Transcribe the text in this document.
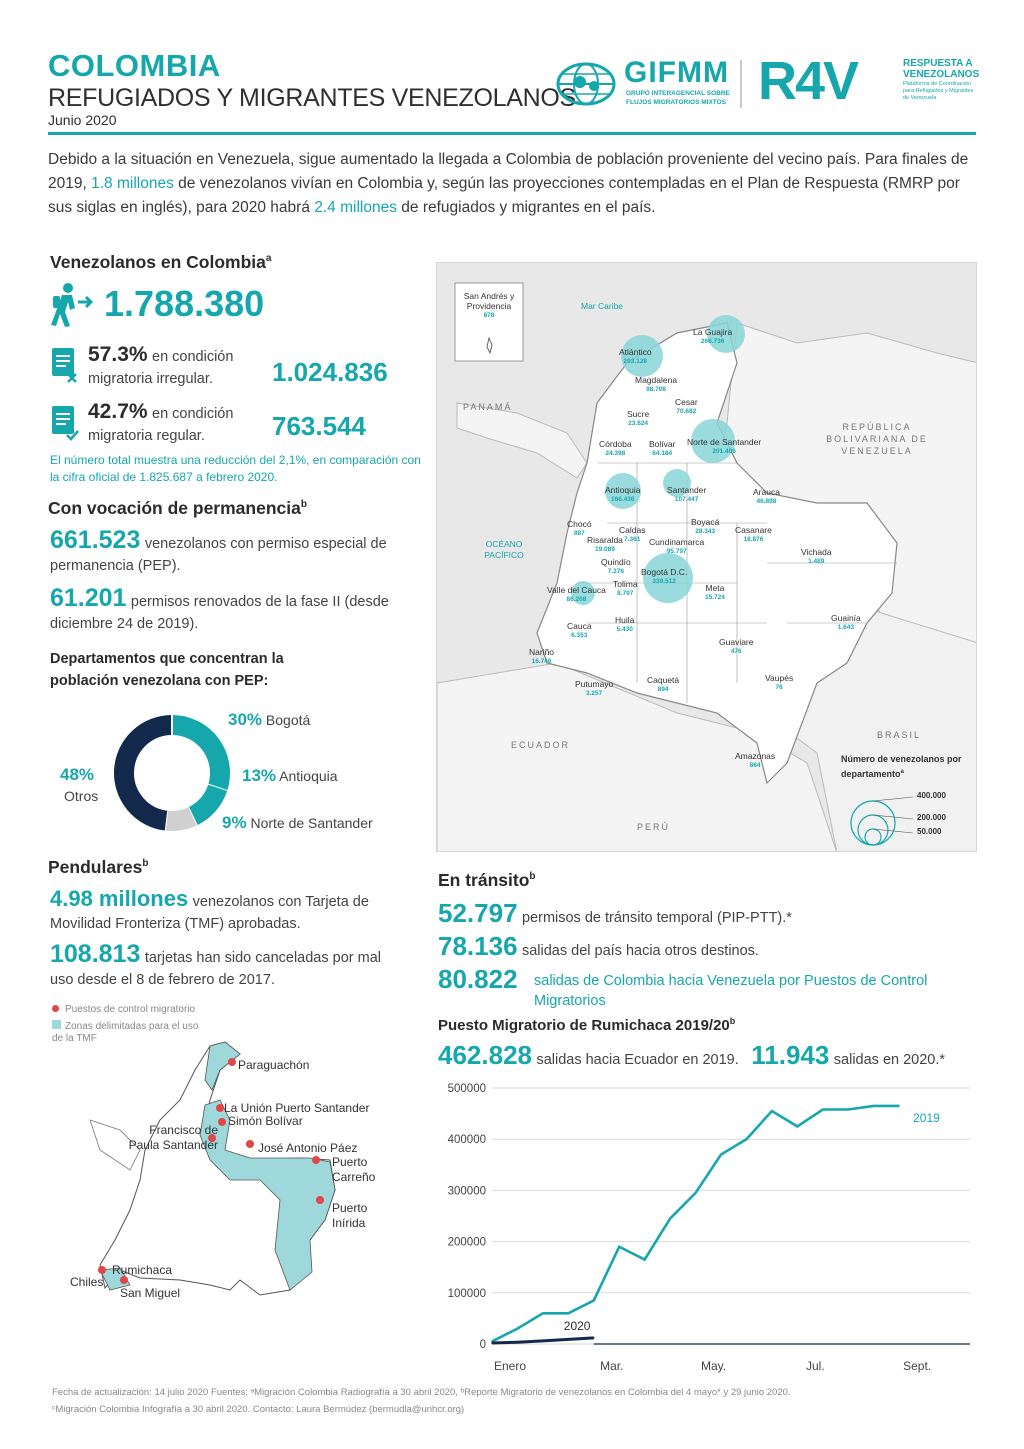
COLOMBIA
REFUGIADOS Y MIGRANTES VENEZOLANOS
Junio 2020
GIFMM
GRUPO INTERAGENCIAL SOBRE
FLUJOS MIGRATORIOS MIXTOS R4V	RESPUESTA A
VENEZOLANOS
Plataforma de Coordinación
para Refugiados y Migrantes
de Venezuela
Debido a la situación en Venezuela, sigue aumentado la llegada a Colombia de población proveniente del vecino país. Para finales de 2019, 1.8 millones de venezolanos vivían en Colombia y, según las proyecciones contempladas en el Plan de Respuesta (RMRP por sus siglas en inglés), para 2020 habrá 2.4 millones de refugiados y migrantes en el país.
Venezolanos en Colombia$^a$
1.788.380
57.3% en condición
migratoria irregular. 1.024.836
42.7% en condición
migratoria regular.	763.544
El número total muestra una reducción del 2,1%, en comparación con la cifra oficial de 1.825.687 a febrero 2020.
Con vocación de permanencia$^b$
661.523 venezolanos con permiso especial de permanencia (PEP).
61.201 permisos renovados de la fase II (desde diciembre 24 de 2019).
Departamentos que concentran la población venezolana con PEP:
30% Bogotá
13% Antioquia
9% Norte de Santander
48%
Otros
San Andrés y Providencia
678
REPÚBLICA BOLIVARIANA DE VENEZUELA
PANAMÁ
ECUADOR
PERÚ
BRASIL
OCÉANO PACÍFICO
Mar Caribe
La Guajira
266.736
Atlántico
203.128
Magdalena
98.708
Cesar
70.682
Sucre
23.624
Córdoba
24.398
Bolívar
64.184
Norte de Santander
201.406
Antioquia
166.436
Santander
107.447
Arauca
46.898
Chocó
887
Boyacá
28.343	Casanare
18.876
Caldas
7.361
Risaralda
19.089
Cundinamarca
95.797	Vichada
1.489
Quindío
7.376	Bogotá D.C.
339.512
Tolima
8.797
Valle del Cauca
86.208
Meta
15.724
Huila
5.430
Cauca
6.353
Guainía
1.643
Nariño
16.746
Guaviare
476
Putumayo
3.257
Caquetá
894
Vaupés
76
Amazonas
864
Número de venezolanos por departamento$^a$
400.000
200.000
50.000
Pendulares$^b$
4.98 millones venezolanos con Tarjeta de Movilidad Fronteriza (TMF) aprobadas.
108.813 tarjetas han sido canceladas por mal uso desde el 8 de febrero de 2017.
Puestos de control migratorio
Zonas delimitadas para el uso de la TMF
Paraguachón
La Unión Puerto Santander
Simón Bolívar
Francisco de Paula Santander	José Antonio Páez
Puerto Carreño
Puerto Inírida
Rumichaca
Chiles
San Miguel
En tránsito$^b$
52.797 permisos de tránsito temporal (PIP-PTT).*
78.136 salidas del país hacia otros destinos.
80.822 salidas de Colombia hacia Venezuela por Puestos de Control Migratorios
Puesto Migratorio de Rumichaca 2019/20$^b$
462.828 salidas hacia Ecuador en 2019. 11.943 salidas en 2020.*
500000
400000
300000
200000
100000
0
Enero	Mar.	May.	Jul.	Sept.
2019
2020
Fecha de actualización: 14 julio 2020 Fuentes: ᵃMigración Colombia Radiografía a 30 abril 2020, ᵇReporte Migratorio de venezolanos en Colombia del 4 mayo* y 29 junio 2020.
ᶜMigración Colombia Infografía a 30 abril 2020. Contacto: Laura Bermúdez (bermudla@unhcr.org)
